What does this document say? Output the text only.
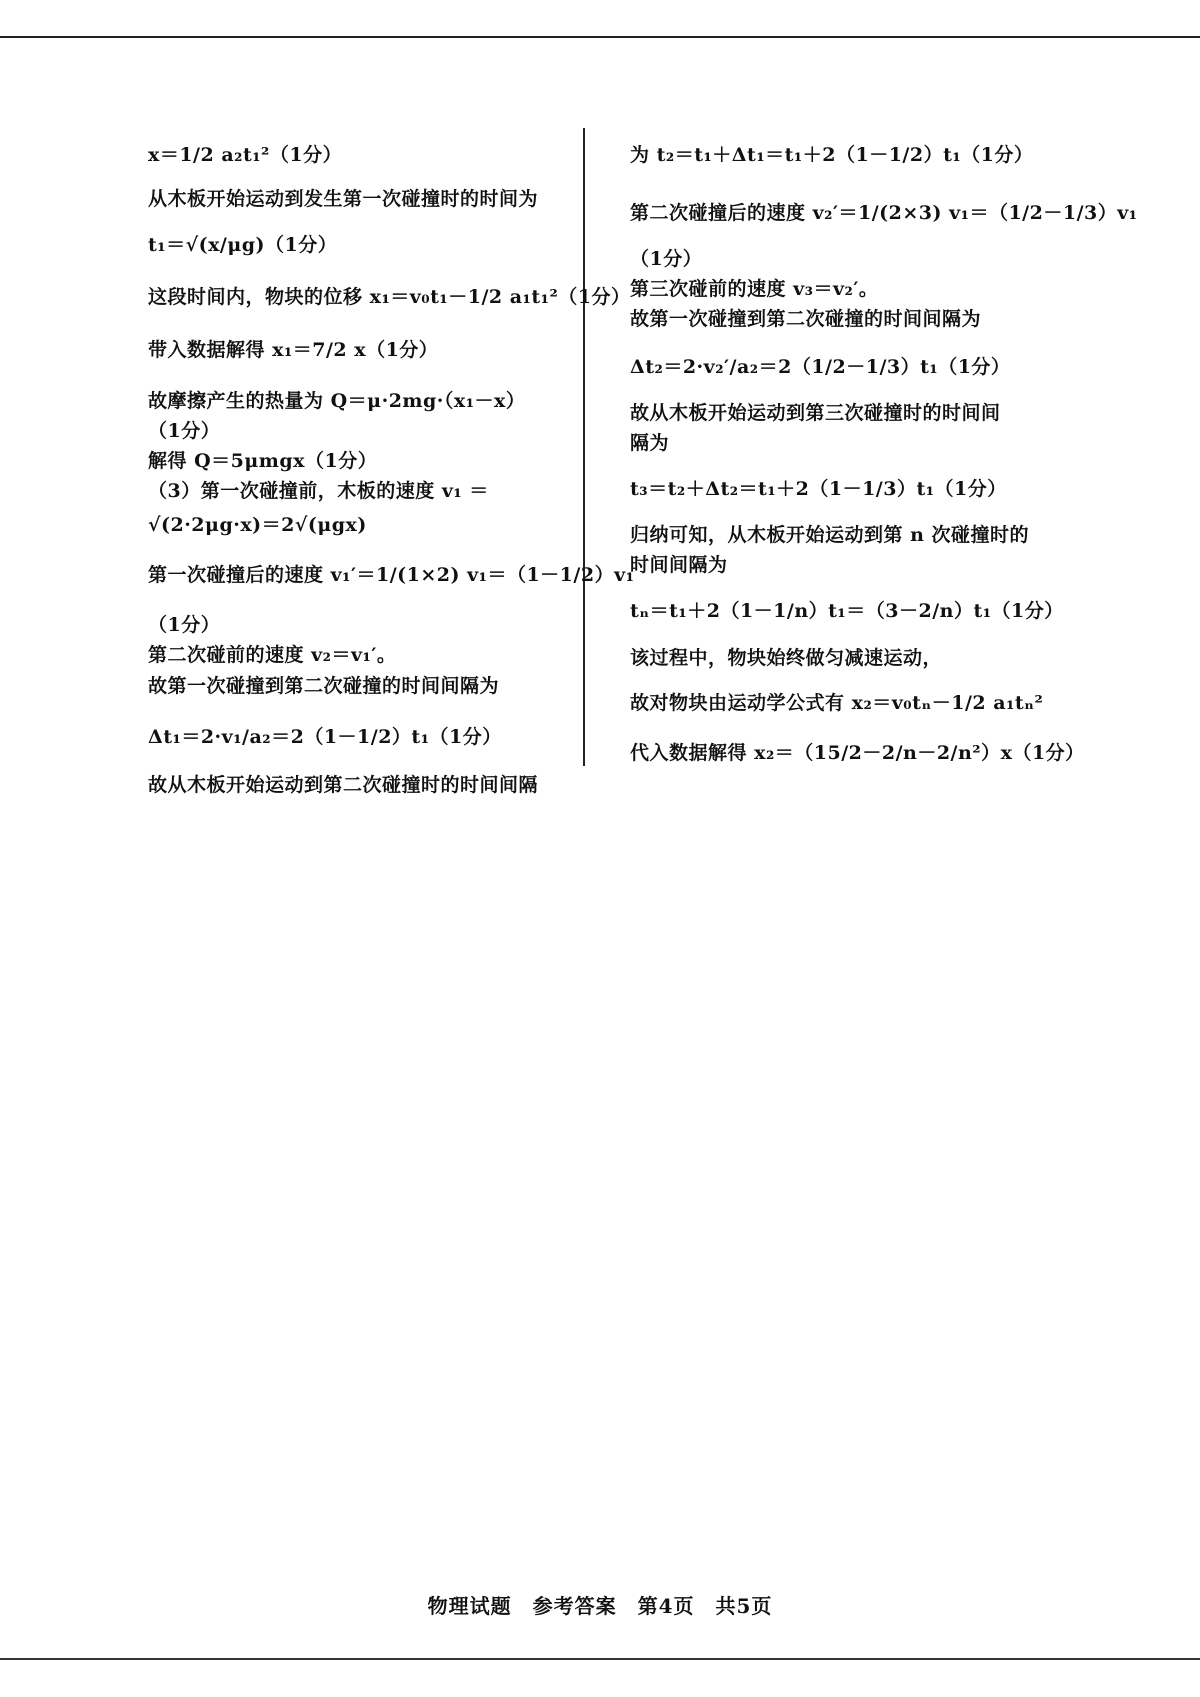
x＝1/2 a₂t₁²（1分）
从木板开始运动到发生第一次碰撞时的时间为
t₁＝√(x/μg)（1分）
这段时间内，物块的位移 x₁＝v₀t₁－1/2 a₁t₁²（1分）
带入数据解得 x₁＝7/2 x（1分）
故摩擦产生的热量为 Q＝μ·2mg·（x₁－x）
（1分）
解得 Q＝5μmgx（1分）
（3）第一次碰撞前，木板的速度 v₁ ＝
√(2·2μg·x)＝2√(μgx)
第一次碰撞后的速度 v₁′＝1/(1×2) v₁＝（1－1/2）v₁
（1分）
第二次碰前的速度 v₂＝v₁′。
故第一次碰撞到第二次碰撞的时间间隔为
Δt₁＝2·v₁/a₂＝2（1－1/2）t₁（1分）
故从木板开始运动到第二次碰撞时的时间间隔
为 t₂＝t₁＋Δt₁＝t₁＋2（1－1/2）t₁（1分）
第二次碰撞后的速度 v₂′＝1/(2×3) v₁＝（1/2－1/3）v₁
（1分）
第三次碰前的速度 v₃＝v₂′。
故第一次碰撞到第二次碰撞的时间间隔为
Δt₂＝2·v₂′/a₂＝2（1/2－1/3）t₁（1分）
故从木板开始运动到第三次碰撞时的时间间
隔为
t₃＝t₂＋Δt₂＝t₁＋2（1－1/3）t₁（1分）
归纳可知，从木板开始运动到第 n 次碰撞时的
时间间隔为
tₙ＝t₁＋2（1－1/n）t₁＝（3－2/n）t₁（1分）
该过程中，物块始终做匀减速运动，
故对物块由运动学公式有 x₂＝v₀tₙ－1/2 a₁tₙ²
代入数据解得 x₂＝（15/2－2/n－2/n²）x（1分）
物理试题　参考答案　第4页　共5页
